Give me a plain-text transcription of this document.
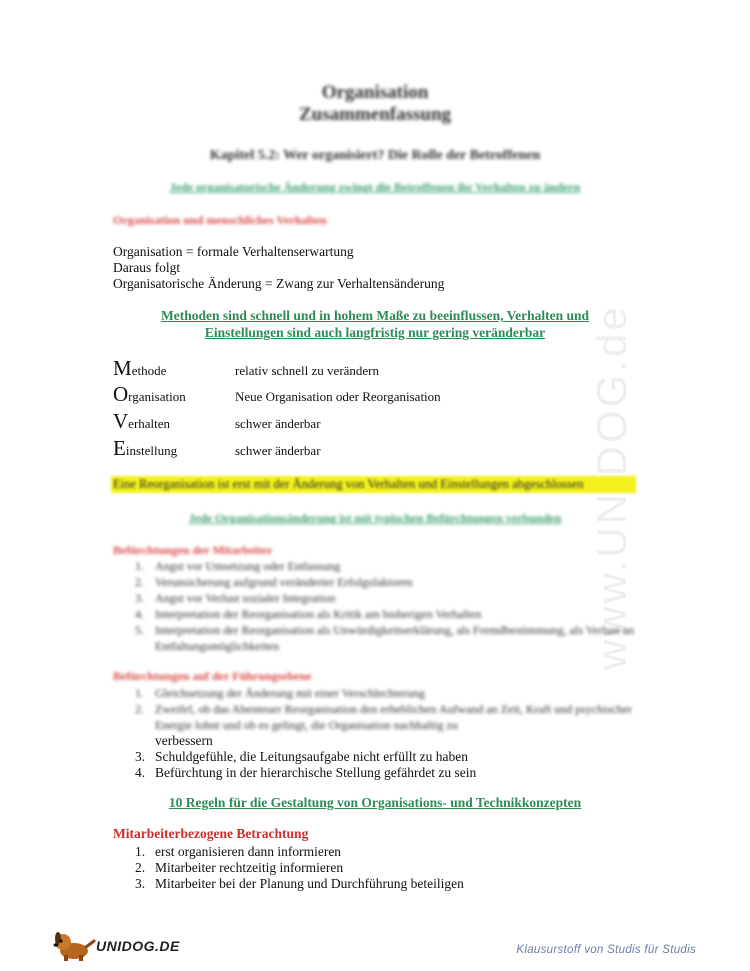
Organisation
Zusammenfassung
Kapitel 5.2: Wer organisiert? Die Rolle der Betroffenen
Jede organisatorische Änderung zwingt die Betroffenen ihr Verhalten zu ändern
Organisation und menschliches Verhalten
Organisation = formale Verhaltenserwartung
Daraus folgt
Organisatorische Änderung = Zwang zur Verhaltensänderung
Methoden sind schnell und in hohem Maße zu beeinflussen, Verhalten und
Einstellungen sind auch langfristig nur gering veränderbar
Methode	relativ schnell zu verändern
Organisation	Neue Organisation oder Reorganisation
Verhalten	schwer änderbar
Einstellung	schwer änderbar
Eine Reorganisation ist erst mit der Änderung von Verhalten und Einstellungen abgeschlossen
Jede Organisationsänderung ist mit typischen Befürchtungen verbunden
Befürchtungen der Mitarbeiter
1. Angst vor Umsetzung oder Entlassung
2. Verunsicherung aufgrund veränderter Erfolgsfaktoren
3. Angst vor Verlust sozialer Integration
4. Interpretation der Reorganisation als Kritik am bisherigen Verhalten
5. Interpretation der Reorganisation als Unwürdigkeitserklärung, als Fremdbestimmung, als Verlust an Entfaltungsmöglichkeiten
Befürchtungen auf der Führungsebene
1. Gleichsetzung der Änderung mit einer Verschlechterung
2. Zweifel, ob das Abenteuer Reorganisation den erheblichen Aufwand an Zeit, Kraft und psychischer Energie lohnt und ob es gelingt, die Organisation nachhaltig zu
verbessern
3. Schuldgefühle, die Leitungsaufgabe nicht erfüllt zu haben
4. Befürchtung in der hierarchische Stellung gefährdet zu sein
10 Regeln für die Gestaltung von Organisations- und Technikkonzepten
Mitarbeiterbezogene Betrachtung
1. erst organisieren dann informieren
2. Mitarbeiter rechtzeitig informieren
3. Mitarbeiter bei der Planung und Durchführung beteiligen
UNIDOG.DE	Klausurstoff von Studis für Studis
